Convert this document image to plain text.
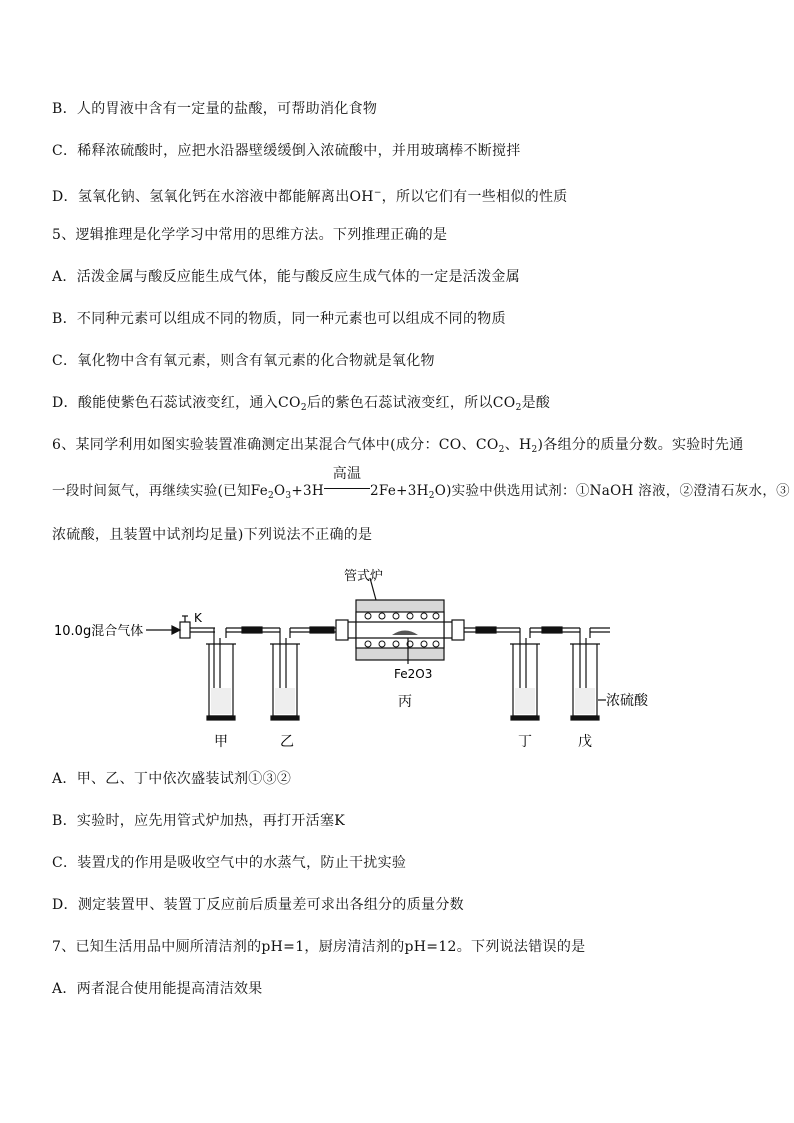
B．人的胃液中含有一定量的盐酸，可帮助消化食物
C．稀释浓硫酸时，应把水沿器壁缓缓倒入浓硫酸中，并用玻璃棒不断搅拌
D．氢氧化钠、氢氧化钙在水溶液中都能解离出OH−，所以它们有一些相似的性质
5、逻辑推理是化学学习中常用的思维方法。下列推理正确的是
A．活泼金属与酸反应能生成气体，能与酸反应生成气体的一定是活泼金属
B．不同种元素可以组成不同的物质，同一种元素也可以组成不同的物质
C．氧化物中含有氧元素，则含有氧元素的化合物就是氧化物
D．酸能使紫色石蕊试液变红，通入$CO_2$后的紫色石蕊试液变红，所以$CO_2$是酸
6、某同学利用如图实验装置准确测定出某混合气体中(成分：CO、$CO_2$、$H_2$)各组分的质量分数。实验时先通
一段时间氮气，再继续实验(已知$Fe_2O_3+3H$
高温
$2Fe+3H_2O$)实验中供选用试剂：①NaOH 溶液，②澄清石灰水，③
浓硫酸，且装置中试剂均足量)下列说法不正确的是
10.0g混合气体
K
管式炉
Fe2O3
丙
甲	乙	丁	戊
浓硫酸
A．甲、乙、丁中依次盛装试剂①③②
B．实验时，应先用管式炉加热，再打开活塞K
C．装置戊的作用是吸收空气中的水蒸气，防止干扰实验
D．测定装置甲、装置丁反应前后质量差可求出各组分的质量分数
7、已知生活用品中厕所清洁剂的pH=1，厨房清洁剂的pH=12。下列说法错误的是
A．两者混合使用能提高清洁效果
